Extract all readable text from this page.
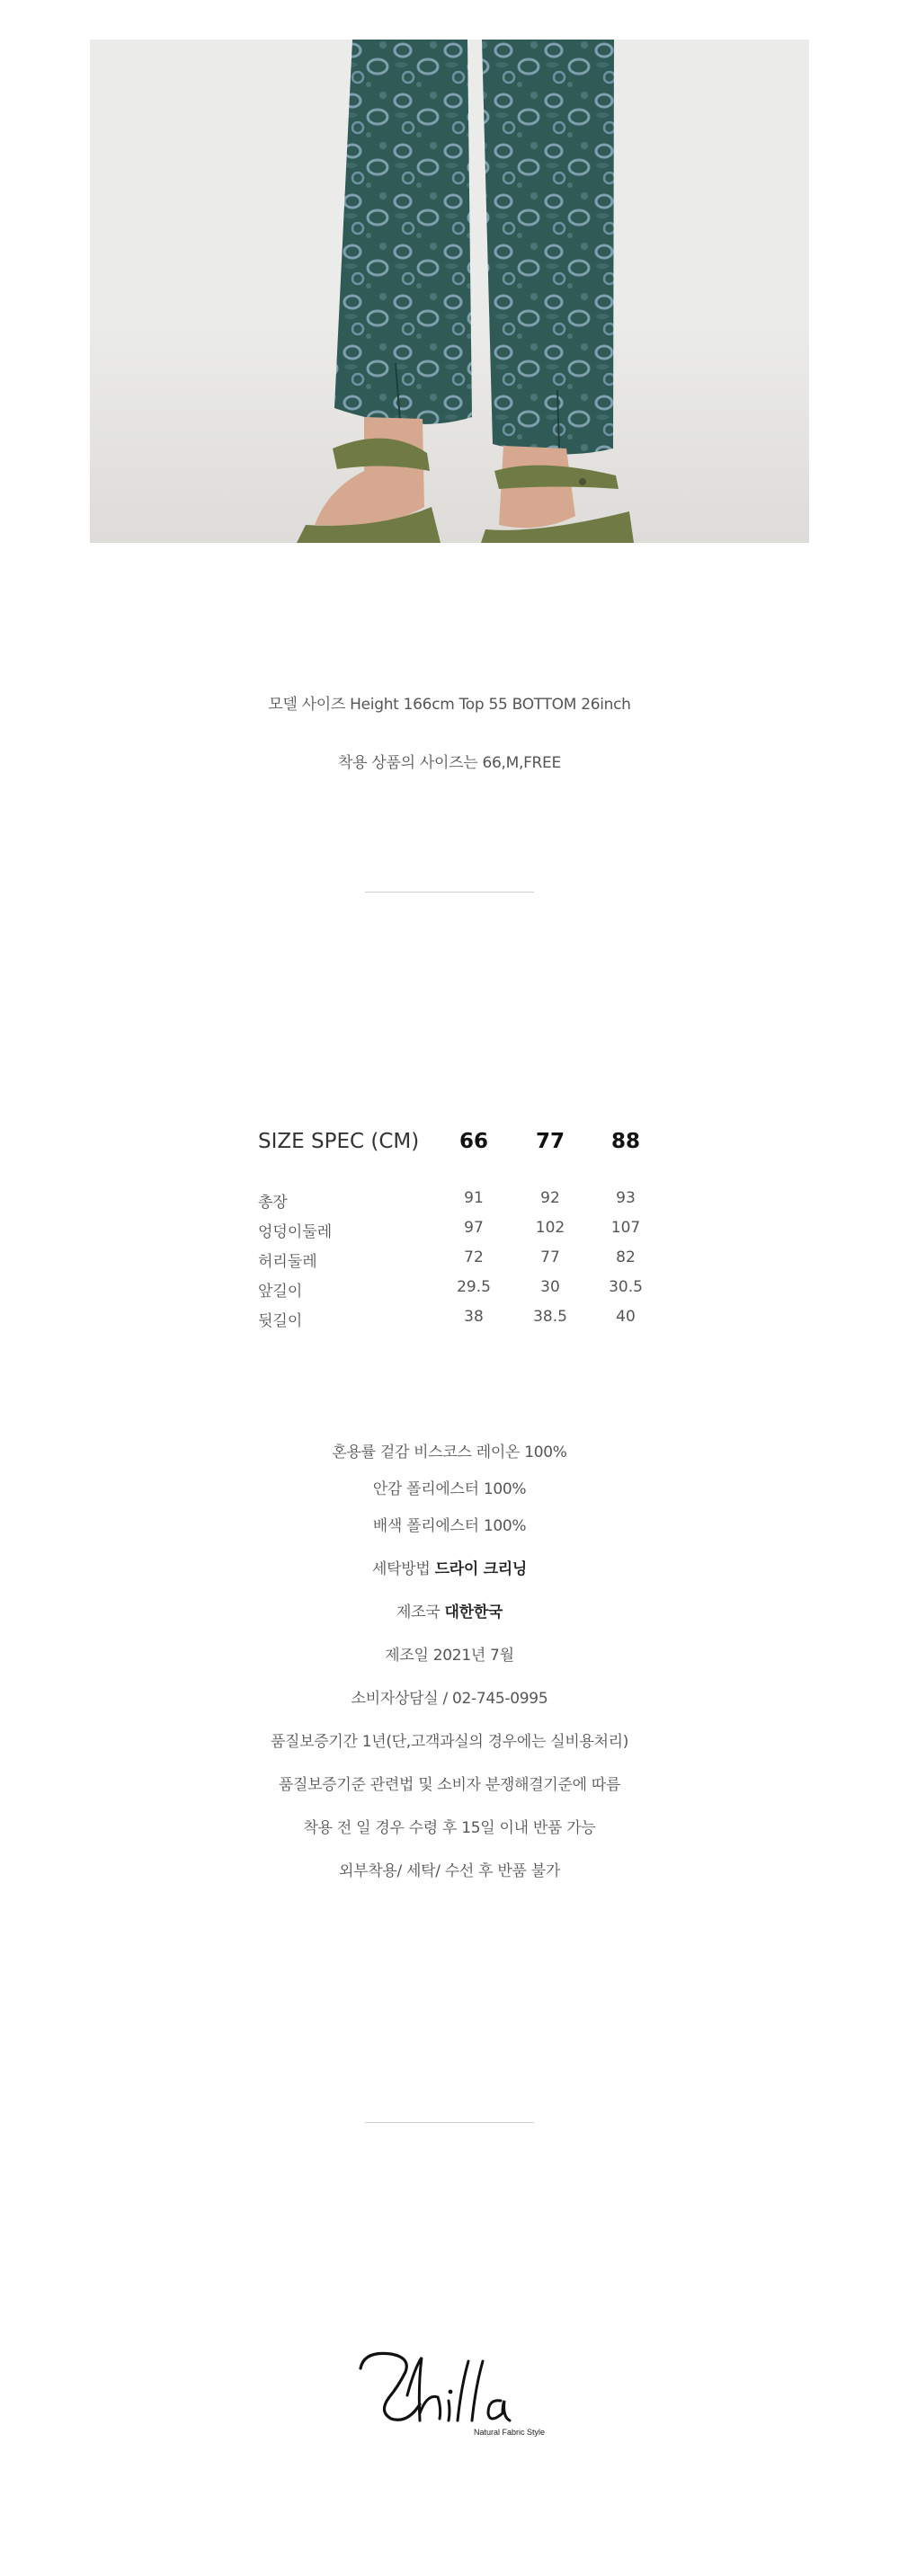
모델 사이즈 Height 166cm Top 55 BOTTOM 26inch
착용 상품의 사이즈는 66,M,FREE
SIZE SPEC (CM)	66	77	88
총장	91	92	93
엉덩이둘레	97	102	107
허리둘레	72	77	82
앞길이	29.5	30	30.5
뒷길이	38	38.5	40
혼용률 겉감 비스코스 레이온 100%
안감 폴리에스터 100%
배색 폴리에스터 100%
세탁방법 드라이 크리닝
제조국 대한한국
제조일 2021년 7월
소비자상담실 / 02-745-0995
품질보증기간 1년(단,고객과실의 경우에는 실비용처리)
품질보증기준 관련법 및 소비자 분쟁해결기준에 따름
착용 전 일 경우 수령 후 15일 이내 반품 가능
외부착용/ 세탁/ 수선 후 반품 불가
Natural Fabric Style
